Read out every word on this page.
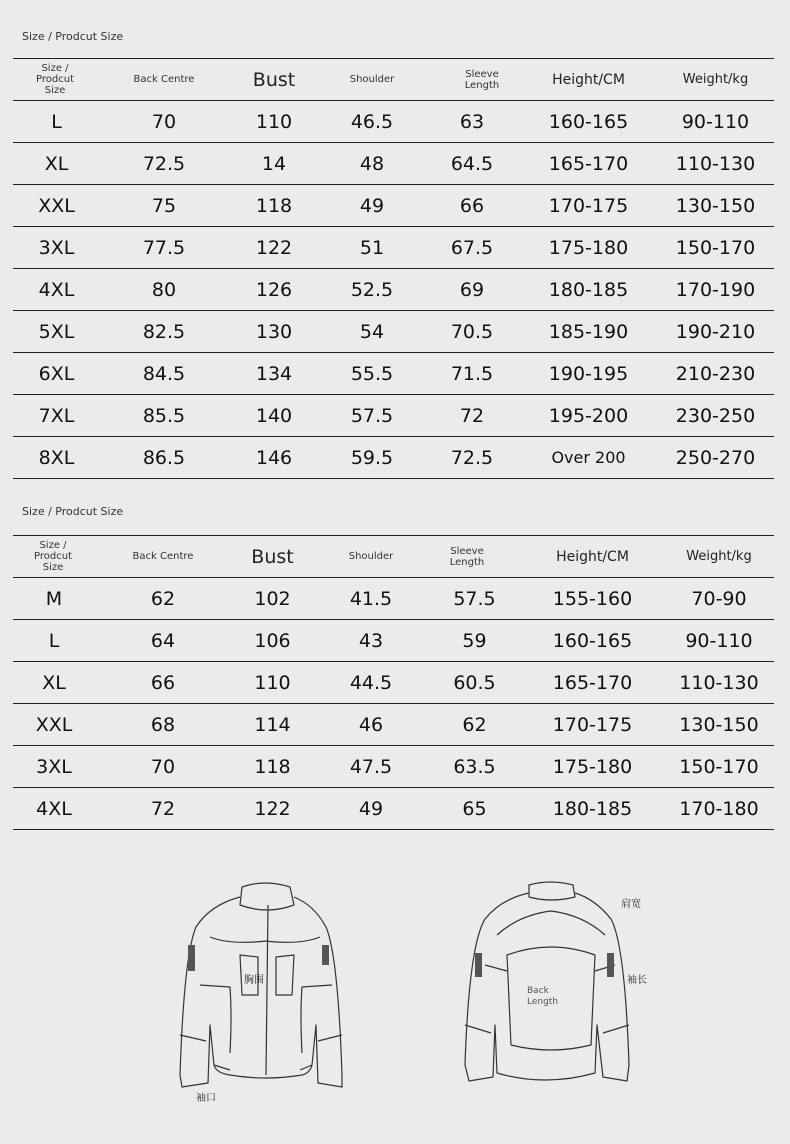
Size / Prodcut Size
Size / Prodcut Size	Back Centre	Bust	Shoulder	Sleeve Length	Height/CM	Weight/kg
L	70	110	46.5	63	160-165	90-110
XL	72.5	14	48	64.5	165-170	110-130
XXL	75	118	49	66	170-175	130-150
3XL	77.5	122	51	67.5	175-180	150-170
4XL	80	126	52.5	69	180-185	170-190
5XL	82.5	130	54	70.5	185-190	190-210
6XL	84.5	134	55.5	71.5	190-195	210-230
7XL	85.5	140	57.5	72	195-200	230-250
8XL	86.5	146	59.5	72.5	Over 200	250-270
Size / Prodcut Size
Size / Prodcut Size	Back Centre	Bust	Shoulder	Sleeve Length	Height/CM	Weight/kg
M	62	102	41.5	57.5	155-160	70-90
L	64	106	43	59	160-165	90-110
XL	66	110	44.5	60.5	165-170	110-130
XXL	68	114	46	62	170-175	130-150
3XL	70	118	47.5	63.5	175-180	150-170
4XL	72	122	49	65	180-185	170-180
胸围
袖口
肩宽
袖长
Back
Length
